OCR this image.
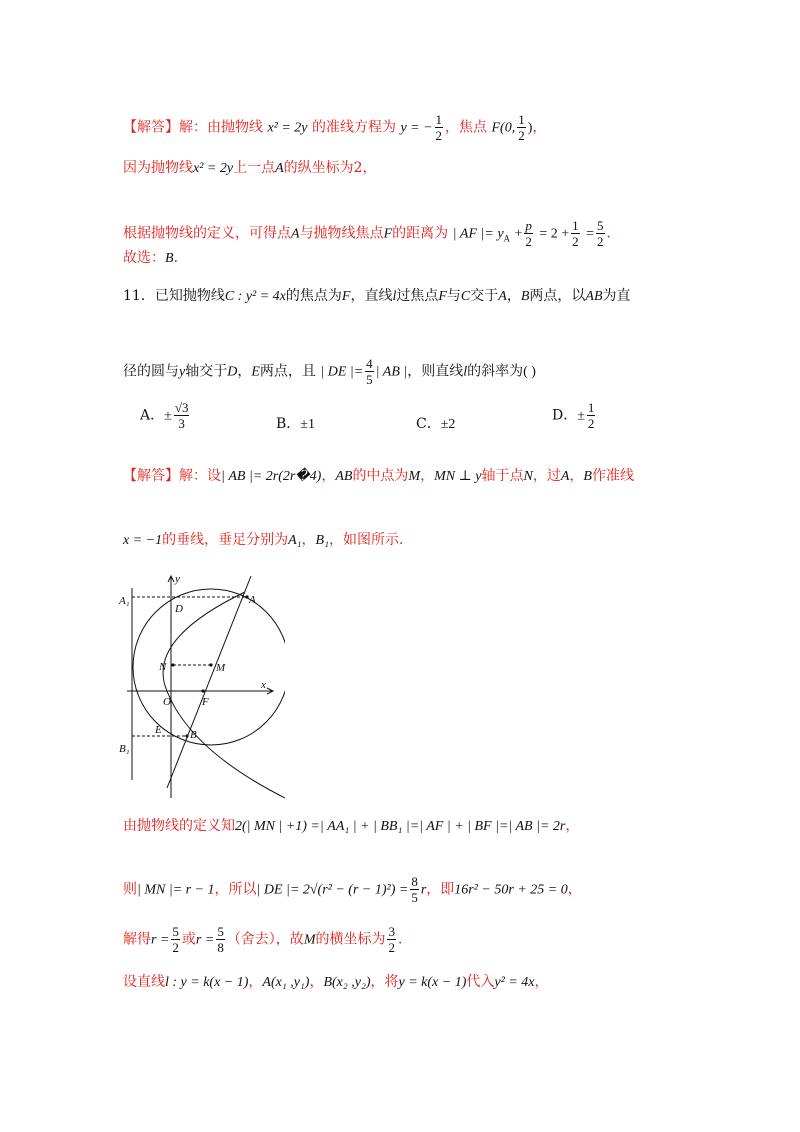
【解答】解：由抛物线 x² = 2y 的准线方程为 y = − $\frac{1}{2}$ ，焦点 F(0, $\frac{1}{2}$ )，
因为抛物线x² = 2y上一点A的纵坐标为2，
根据抛物线的定义，可得点A与抛物线焦点F的距离为 | AF |= $y_A + \frac{p}{2} = 2 + \frac{1}{2} = \frac{5}{2}$ ．
故选：B．
11．已知抛物线C : y² = 4x的焦点为F，直线l过焦点F与C交于A，B两点，以AB为直
径的圆与y轴交于D，E两点，且 | DE |= $\frac{4}{5}$ | AB |，则直线l的斜率为( )
A．± $\frac{√3}{3}$	B．±1	C．±2
D．± $\frac{1}{2}$
【解答】解：设| AB |= 2r(2r�4)，AB的中点为M，MN ⊥ y轴于点N，过A，B作准线
x = −1的垂线，垂足分别为A₁，B₁，如图所示．
y
A₁
D
A
N	M
O	F
x
E	B
B₁
由抛物线的定义知2(| MN | +1) =| AA₁ | + | BB₁ |=| AF | + | BF |=| AB |= 2r，
则| MN |= r − 1，所以| DE |= $2√(r^2 - (r - 1)^2) = \frac{8}{5}$ r，即16r² − 50r + 25 = 0，
解得$r = \frac{5}{2}$ 或$r = \frac{5}{8}$ （舍去），故M的横坐标为 $\frac{3}{2}$ ．
设直线l : y = k(x − 1)，A(x₁ ,y₁)，B(x₂ ,y₂)，将y = k(x − 1)代入y² = 4x，
